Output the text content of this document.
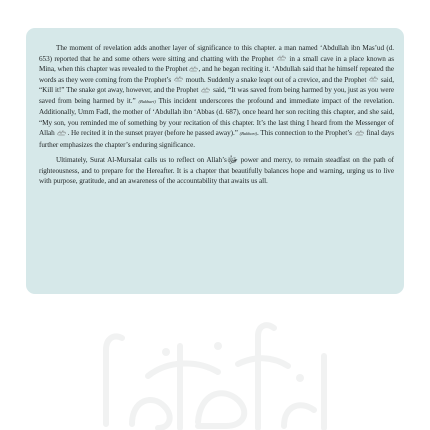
The moment of revelation adds another layer of significance to this chapter. a man named ‘Abdullah ibn Mas’ud (d. 653) reported that he and some others were sitting and chatting with the Prophet in a small cave in a place known as Mina, when this chapter was revealed to the Prophet , and he began reciting it. ‘Abdullah said that he himself repeated the words as they were coming from the Prophet’s mouth. Suddenly a snake leapt out of a crevice, and the Prophet said, “Kill it!” The snake got away, however, and the Prophet said, “It was saved from being harmed by you, just as you were saved from being harmed by it.” (Bukhari) This incident underscores the profound and immediate impact of the revelation. Additionally, Umm Fadl, the mother of ‘Abdullah ibn ‘Abbas (d. 687), once heard her son reciting this chapter, and she said, “My son, you reminded me of something by your recitation of this chapter. It’s the last thing I heard from the Messenger of Allah . He recited it in the sunset prayer (before he passed away).” (Bukhari). This connection to the Prophet’s final days further emphasizes the chapter’s enduring significance.

Ultimately, Surat Al-Mursalat calls us to reflect on Allah’sﷻ power and mercy, to remain steadfast on the path of righteousness, and to prepare for the Hereafter. It is a chapter that beautifully balances hope and warning, urging us to live with purpose, gratitude, and an awareness of the accountability that awaits us all.
